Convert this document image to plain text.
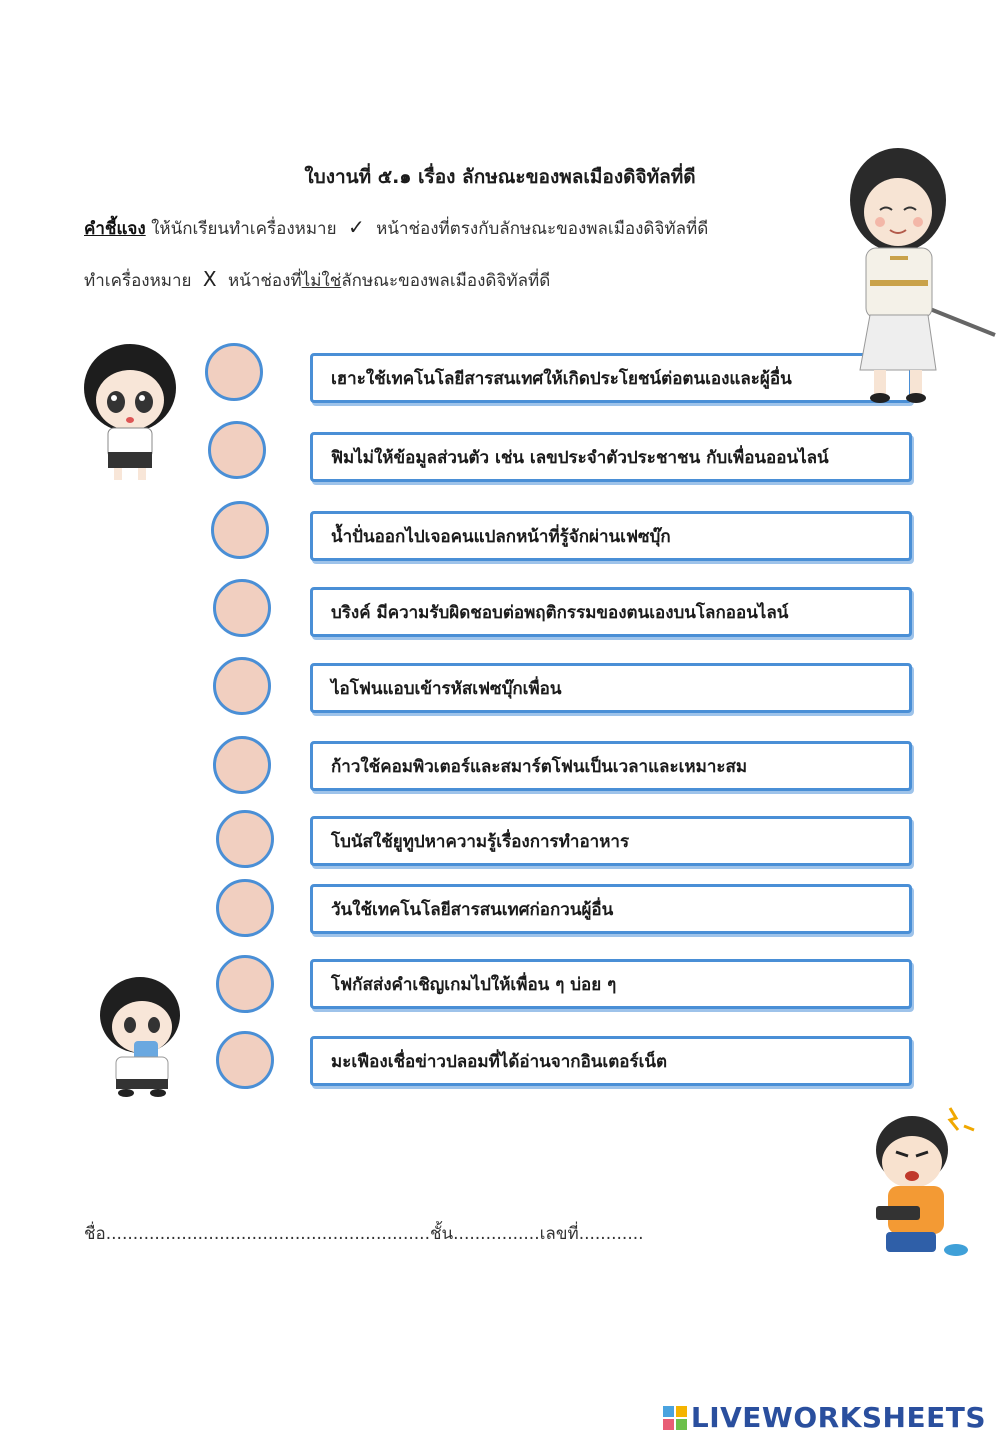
ใบงานที่ ๕.๑ เรื่อง ลักษณะของพลเมืองดิจิทัลที่ดี
คำชี้แจง ให้นักเรียนทำเครื่องหมาย ✓ หน้าช่องที่ตรงกับลักษณะของพลเมืองดิจิทัลที่ดี
ทำเครื่องหมาย X หน้าช่องที่ไม่ใช่ลักษณะของพลเมืองดิจิทัลที่ดี
เฮาะใช้เทคโนโลยีสารสนเทศให้เกิดประโยชน์ต่อตนเองและผู้อื่น
ฟิมไม่ให้ข้อมูลส่วนตัว เช่น เลขประจำตัวประชาชน กับเพื่อนออนไลน์
น้ำปั่นออกไปเจอคนแปลกหน้าที่รู้จักผ่านเฟซบุ๊ก
บริงค์ มีความรับผิดชอบต่อพฤติกรรมของตนเองบนโลกออนไลน์
ไอโฟนแอบเข้ารหัสเฟซบุ๊กเพื่อน
ก้าวใช้คอมพิวเตอร์และสมาร์ตโฟนเป็นเวลาและเหมาะสม
โบนัสใช้ยูทูปหาความรู้เรื่องการทำอาหาร
วันใช้เทคโนโลยีสารสนเทศก่อกวนผู้อื่น
โฟกัสส่งคำเชิญเกมไปให้เพื่อน ๆ บ่อย ๆ
มะเฟืองเชื่อข่าวปลอมที่ได้อ่านจากอินเตอร์เน็ต
ชื่อ............................................................ชั้น................เลขที่............
LIVEWORKSHEETS
